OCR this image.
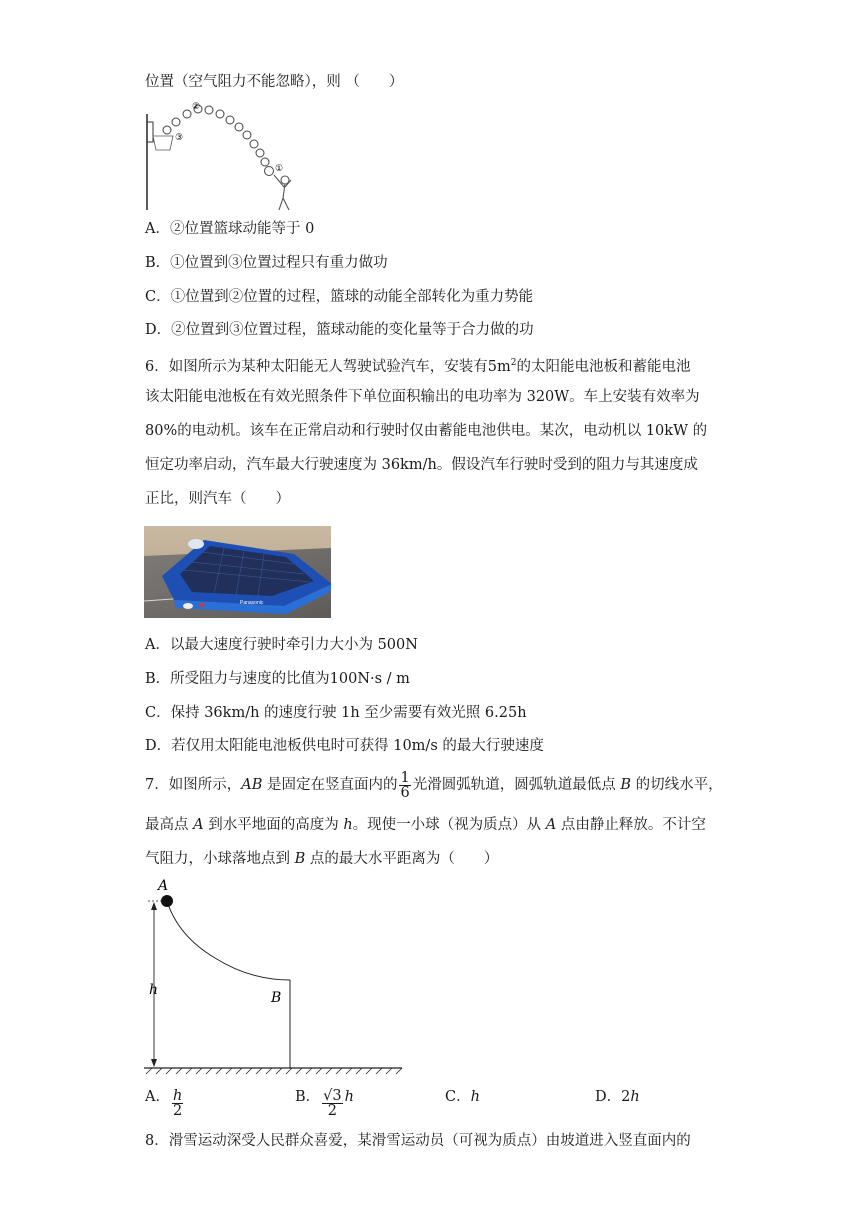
位置（空气阻力不能忽略），则 （　　）
②
③
①
A．②位置篮球动能等于 0
B．①位置到③位置过程只有重力做功
C．①位置到②位置的过程，篮球的动能全部转化为重力势能
D．②位置到③位置过程，篮球动能的变化量等于合力做的功
6．如图所示为某种太阳能无人驾驶试验汽车，安装有$5m^2$的太阳能电池板和蓄能电池
该太阳能电池板在有效光照条件下单位面积输出的电功率为 320W。车上安装有效率为
80%的电动机。该车在正常启动和行驶时仅由蓄能电池供电。某次，电动机以 10kW 的
恒定功率启动，汽车最大行驶速度为 36km/h。假设汽车行驶时受到的阻力与其速度成
正比，则汽车（　　）
Panasonic
A．以最大速度行驶时牵引力大小为 500N
B．所受阻力与速度的比值为100N·s / m
C．保持 36km/h 的速度行驶 1h 至少需要有效光照 6.25h
D．若仅用太阳能电池板供电时可获得 10m/s 的最大行驶速度
7．如图所示，AB 是固定在竖直面内的 $\frac{1}{6}$ 光滑圆弧轨道，圆弧轨道最低点 B 的切线水平，
最高点 A 到水平地面的高度为 h。现使一小球（视为质点）从 A 点由静止释放。不计空
气阻力，小球落地点到 B 点的最大水平距离为（　　）
A
B
h
A． $\frac{h}{2}$	B． $\frac{√3}{2}$ h	C．h	D．2h
8．滑雪运动深受人民群众喜爱，某滑雪运动员（可视为质点）由坡道进入竖直面内的
